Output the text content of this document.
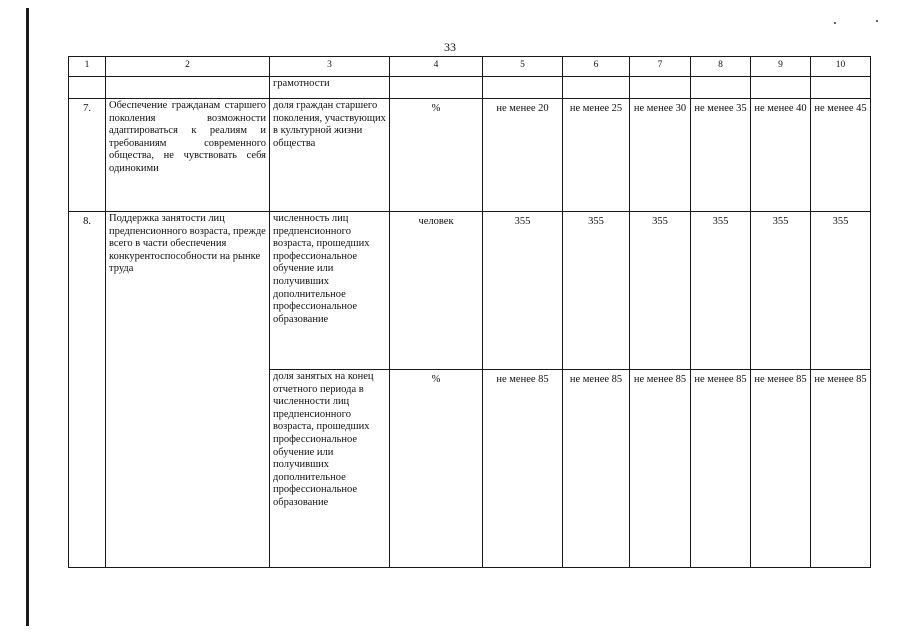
33
1	2	3	4	5	6	7	8	9	10
		грамотности							
7.	Обеспечение гражданам старшего поколения возможности адаптироваться к реалиям и требованиям современного общества, не чувствовать себя одинокими	доля граждан старшего поколения, участвующих в культурной жизни общества	%	не менее 20	не менее 25	не менее 30	не менее 35	не менее 40	не менее 45
8.	Поддержка занятости лиц предпенсионного возраста, прежде всего в части обеспечения конкурентоспособности на рынке труда	численность лиц предпенсионного возраста, прошедших профессиональное обучение или получивших дополнительное профессиональное образование	человек	355	355	355	355	355	355
		доля занятых на конец отчетного периода в численности лиц предпенсионного возраста, прошедших профессиональное обучение или получивших дополнительное профессиональное образование	%	не менее 85	не менее 85	не менее 85	не менее 85	не менее 85	не менее 85
